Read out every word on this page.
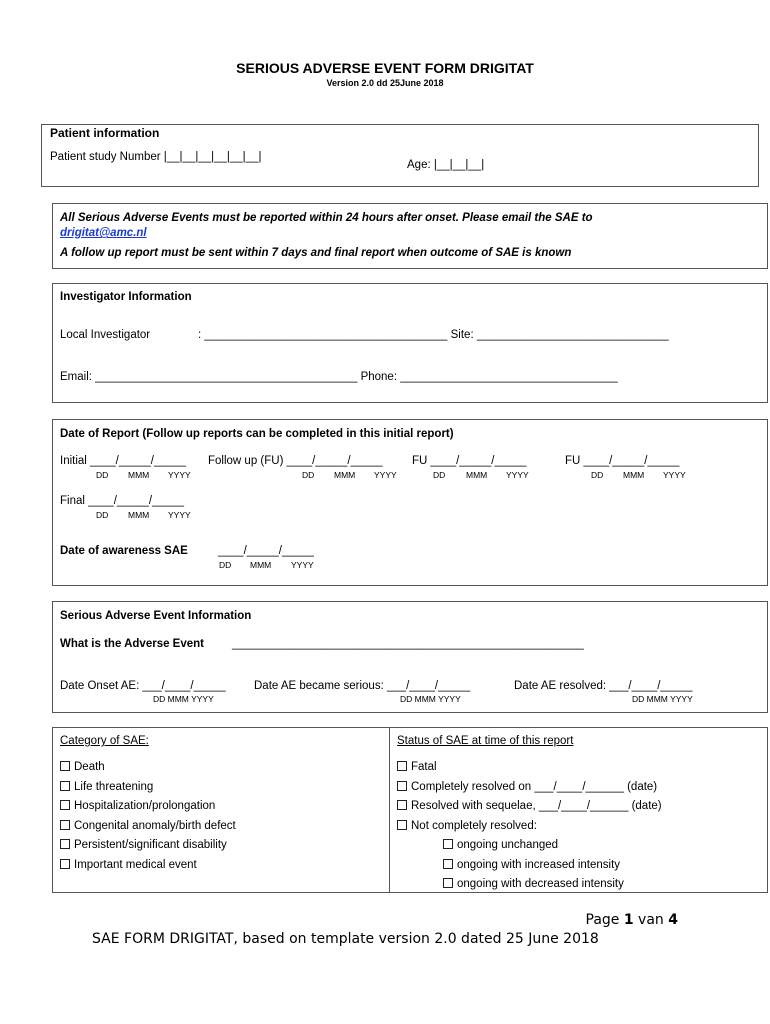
SERIOUS ADVERSE EVENT FORM DRIGITAT
Version 2.0 dd 25June 2018
Patient information
Patient study Number |__|__|__|__|__|__|
Age: |__|__|__|
All Serious Adverse Events must be reported within 24 hours after onset. Please email the SAE to
drigitat@amc.nl
A follow up report must be sent within 7 days and final report when outcome of SAE is known
Investigator Information
Local Investigator	: ______________________________________ Site: ______________________________
Email: _________________________________________ Phone: __________________________________
Date of Report (Follow up reports can be completed in this initial report)
Initial ____/_____/_____
DD MMM YYYY
Follow up (FU) ____/_____/_____
DD MMM YYYY
FU ____/_____/_____
DD MMM YYYY
FU ____/_____/_____
DD MMM YYYY
Final ____/_____/_____
DD MMM YYYY
Date of awareness SAE	____/_____/_____
DD MMM YYYY
Serious Adverse Event Information
What is the Adverse Event _______________________________________________________
Date Onset AE: ___/____/_____
DD MMM YYYY
Date AE became serious: ___/____/_____
DD MMM YYYY
Date AE resolved: ___/____/_____
DD MMM YYYY
Category of SAE:
Death
Life threatening
Hospitalization/prolongation
Congenital anomaly/birth defect
Persistent/significant disability
Important medical event
Status of SAE at time of this report
Fatal
Completely resolved on ___/____/______ (date)
Resolved with sequelae, ___/____/______ (date)
Not completely resolved:
ongoing unchanged
ongoing with increased intensity
ongoing with decreased intensity
Page 1 van 4
SAE FORM DRIGITAT, based on template version 2.0 dated 25 June 2018
